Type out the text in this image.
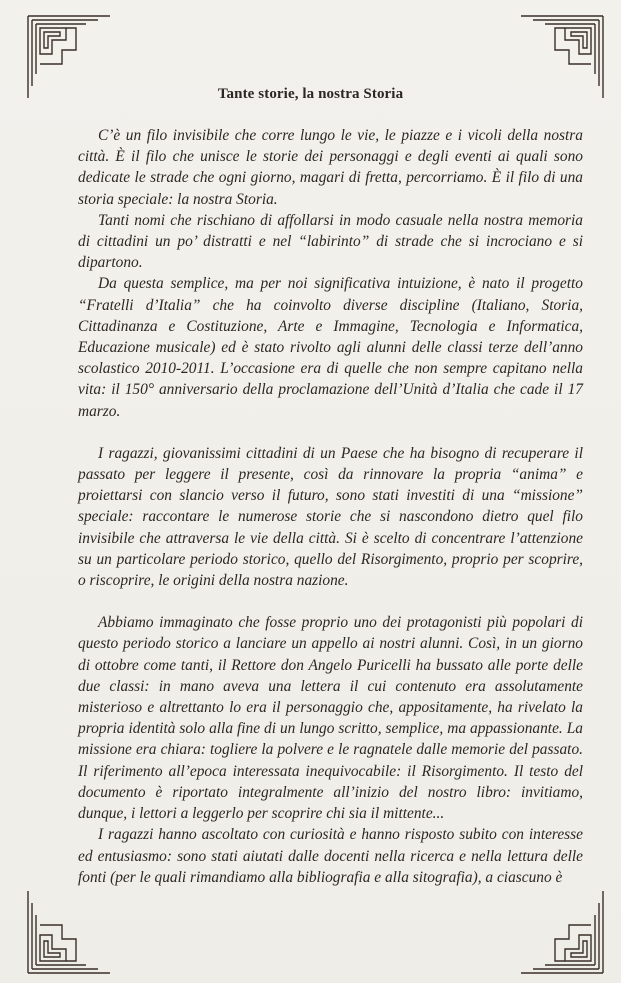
Tante storie, la nostra Storia

C’è un filo invisibile che corre lungo le vie, le piazze e i vicoli della nostra città. È il filo che unisce le storie dei personaggi e degli eventi ai quali sono dedicate le strade che ogni giorno, magari di fretta, percorriamo. È il filo di una storia speciale: la nostra Storia.

Tanti nomi che rischiano di affollarsi in modo casuale nella nostra memoria di cittadini un po’ distratti e nel “labirinto” di strade che si incrociano e si dipartono.

Da questa semplice, ma per noi significativa intuizione, è nato il progetto “Fratelli d’Italia” che ha coinvolto diverse discipline (Italiano, Storia, Cittadinanza e Costituzione, Arte e Immagine, Tecnologia e Informatica, Educazione musicale) ed è stato rivolto agli alunni delle classi terze dell’anno scolastico 2010-2011. L’occasione era di quelle che non sempre capitano nella vita: il 150° anniversario della proclamazione dell’Unità d’Italia che cade il 17 marzo.

I ragazzi, giovanissimi cittadini di un Paese che ha bisogno di recuperare il passato per leggere il presente, così da rinnovare la propria “anima” e proiettarsi con slancio verso il futuro, sono stati investiti di una “missione” speciale: raccontare le numerose storie che si nascondono dietro quel filo invisibile che attraversa le vie della città. Si è scelto di concentrare l’attenzione su un particolare periodo storico, quello del Risorgimento, proprio per scoprire, o riscoprire, le origini della nostra nazione.

Abbiamo immaginato che fosse proprio uno dei protagonisti più popolari di questo periodo storico a lanciare un appello ai nostri alunni. Così, in un giorno di ottobre come tanti, il Rettore don Angelo Puricelli ha bussato alle porte delle due classi: in mano aveva una lettera il cui contenuto era assolutamente misterioso e altrettanto lo era il personaggio che, appositamente, ha rivelato la propria identità solo alla fine di un lungo scritto, semplice, ma appassionante. La missione era chiara: togliere la polvere e le ragnatele dalle memorie del passato. Il riferimento all’epoca interessata inequivocabile: il Risorgimento. Il testo del documento è riportato integralmente all’inizio del nostro libro: invitiamo, dunque, i lettori a leggerlo per scoprire chi sia il mittente...

I ragazzi hanno ascoltato con curiosità e hanno risposto subito con interesse ed entusiasmo: sono stati aiutati dalle docenti nella ricerca e nella lettura delle fonti (per le quali rimandiamo alla bibliografia e alla sitografia), a ciascuno è
